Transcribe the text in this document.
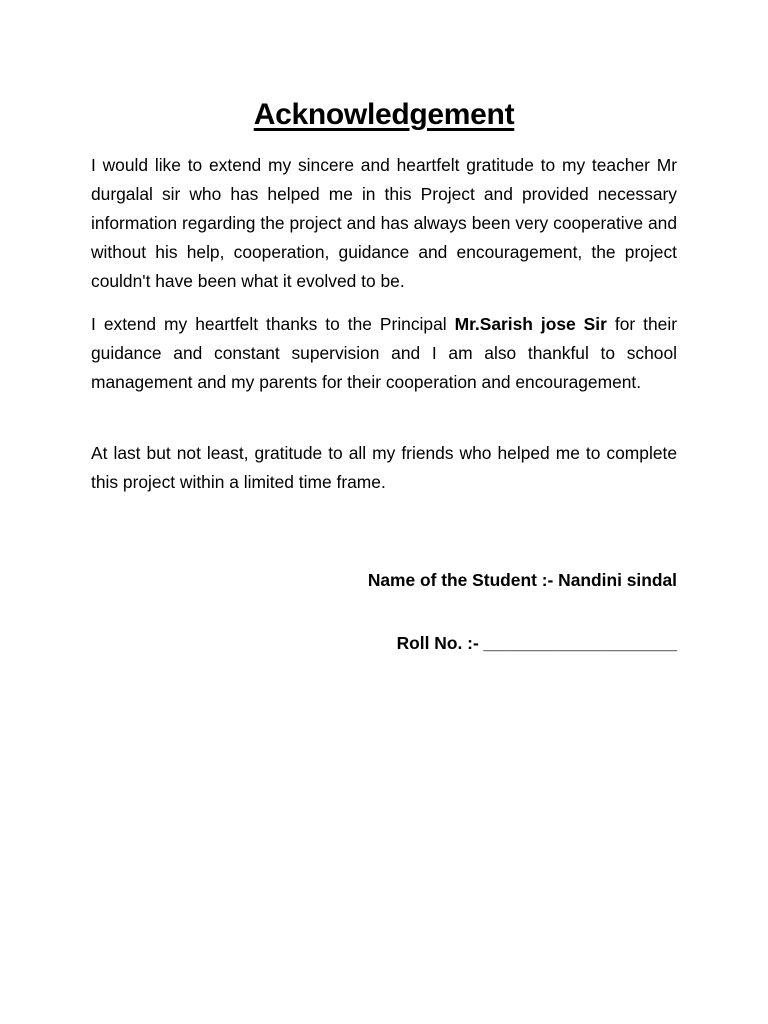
Acknowledgement

I would like to extend my sincere and heartfelt gratitude to my teacher Mr durgalal sir who has helped me in this Project and provided necessary information regarding the project and has always been very cooperative and without his help, cooperation, guidance and encouragement, the project couldn't have been what it evolved to be.

I extend my heartfelt thanks to the Principal Mr.Sarish jose Sir for their guidance and constant supervision and I am also thankful to school management and my parents for their cooperation and encouragement.

At last but not least, gratitude to all my friends who helped me to complete this project within a limited time frame.

Name of the Student :- Nandini sindal

Roll No. :- ____________________
